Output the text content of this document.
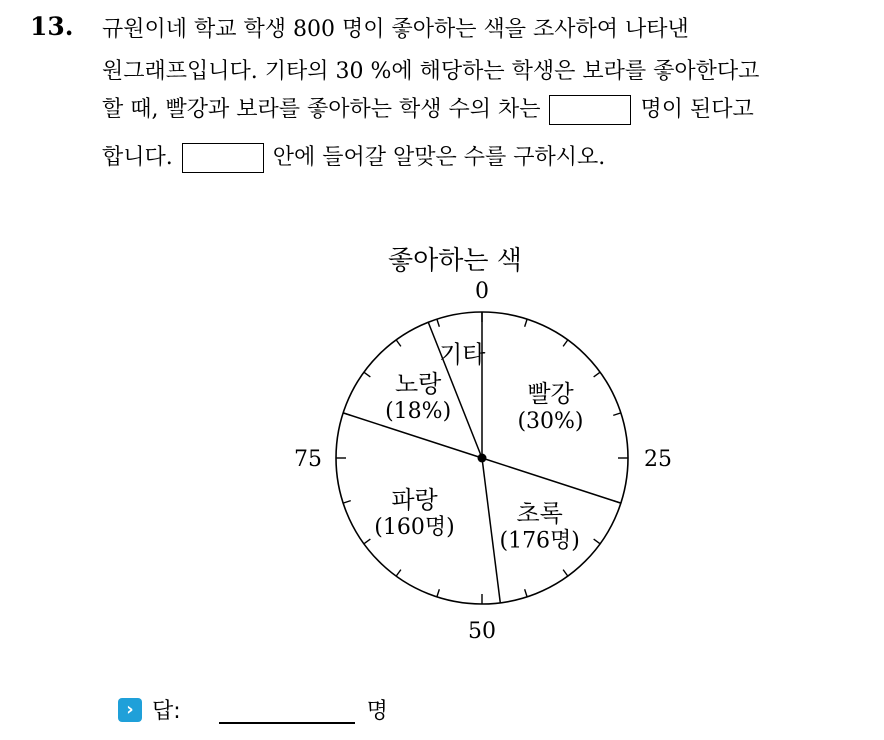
13. 규원이네 학교 학생 800 명이 좋아하는 색을 조사하여 나타낸
원그래프입니다. 기타의 30 %에 해당하는 학생은 보라를 좋아한다고
할 때, 빨강과 보라를 좋아하는 학생 수의 차는	명이 된다고
합니다.	안에 들어갈 알맞은 수를 구하시오.
좋아하는 색
0
25
50
75
빨강
(30%)
초록
(176명)
파랑
(160명)
노랑
(18%)
기타
› 답:	명
